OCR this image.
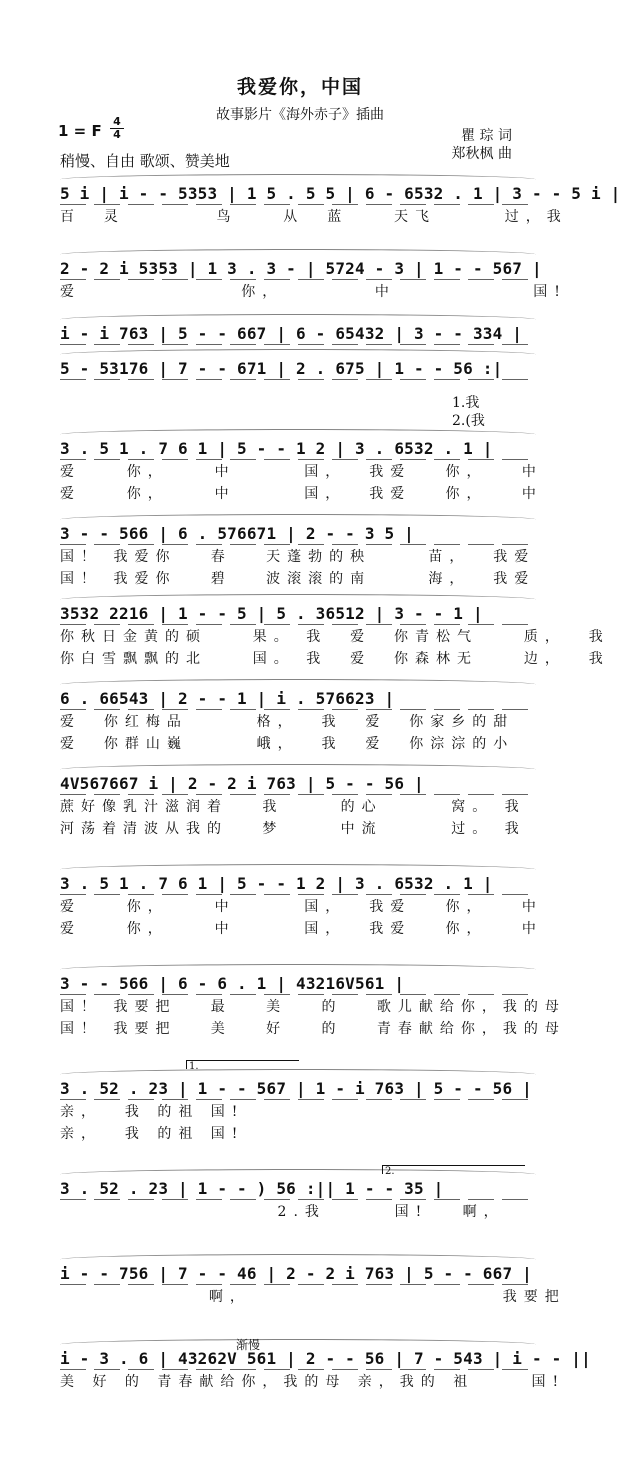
我爱你，中国
故事影片《海外赤子》插曲
1 = F
4
4	瞿 琮 词
郑秋枫 曲
稍慢、自由 歌颂、赞美地
5 i | i - - 5353 | 1 5 . 5 5 | 6 - 6532 . 1 | 3 - - 5 i |
百  灵        鸟    从  蓝    天飞      过，我
2 - 2 i 5353 | 1 3 . 3 - | 5724 - 3 | 1 - - 567 |
爱              你，        中            国!
i - i 763 | 5 - - 667 | 6 - 65432 | 3 - - 334 |
5 - 53176 | 7 - - 671 | 2 . 675 | 1 - - 56 :|
3 . 5 1 . 7 6 1 | 5 - - 1 2 | 3 . 6532 . 1 |
爱    你，    中      国，  我爱   你，   中
爱    你，    中      国，  我爱   你，   中
3 - - 566 | 6 . 576671 | 2 - - 3 5 |
国！ 我爱你   春   天蓬勃的秧     苗，  我爱
国！ 我爱你   碧   波滚滚的南     海，  我爱
3532 2216 | 1 - - 5 | 5 . 36512 | 3 - - 1 |
你秋日金黄的硕    果。 我  爱  你青松气    质，  我
你白雪飘飘的北    国。 我  爱  你森林无    边，  我
6 . 66543 | 2 - - 1 | i . 576623 |
爱  你红梅品      格，  我  爱  你家乡的甜
爱  你群山巍      峨，  我  爱  你淙淙的小
4V567667 i | 2 - 2 i 763 | 5 - - 56 |
蔗好像乳汁滋润着   我     的心      窝。 我
河荡着清波从我的   梦     中流      过。 我
3 . 5 1 . 7 6 1 | 5 - - 1 2 | 3 . 6532 . 1 |
爱    你，    中      国，  我爱   你，   中
爱    你，    中      国，  我爱   你，   中
3 - - 566 | 6 - 6 . 1 | 43216V561 |
国！ 我要把   最   美   的   歌儿献给你，我的母
国！ 我要把   美   好   的   青春献给你，我的母
3 . 52 . 23 | 1 - - 567 | 1 - i 763 | 5 - - 56 |
亲，  我 的祖 国!
亲，  我 的祖 国!
3 . 52 . 23 | 1 - - ) 56 :|| 1 - - 35 |
2.我      国!   啊，
i - - 756 | 7 - - 46 | 2 - 2 i 763 | 5 - - 667 |
啊，                      我要把
i - 3 . 6 | 43262V 561 | 2 - - 56 | 7 - 543 | i - - ||
美 好 的 青春献给你，我的母 亲，我的 祖     国!
1.我
2.(我
1.
2.
渐慢
